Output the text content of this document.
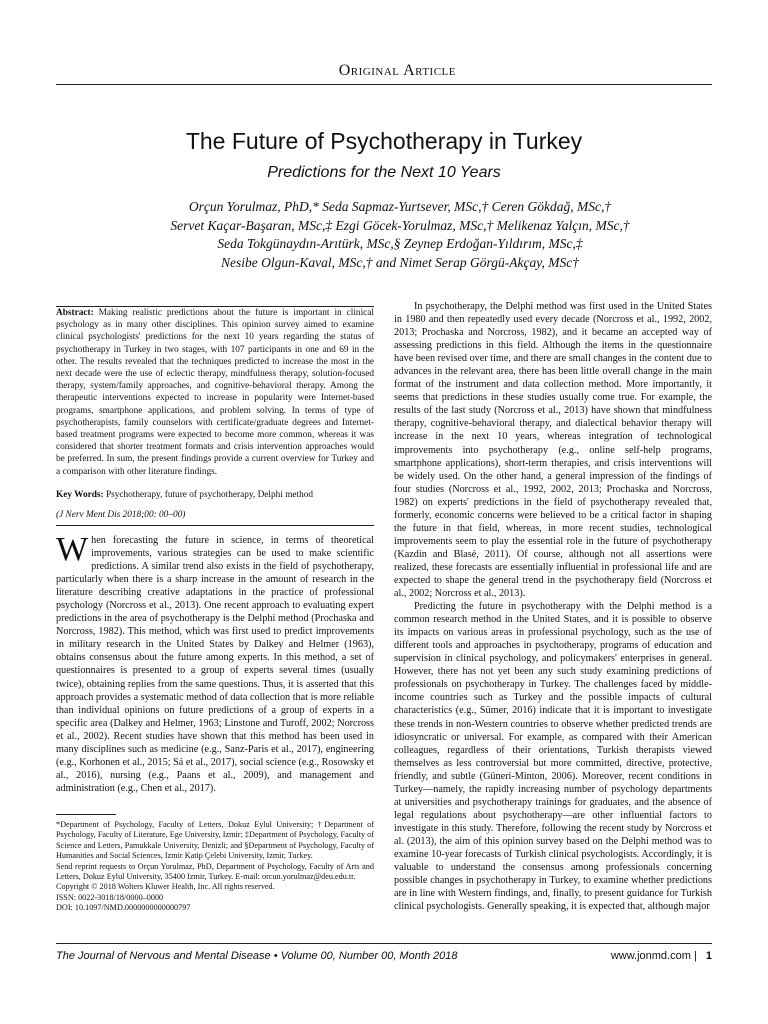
Original Article
The Future of Psychotherapy in Turkey
Predictions for the Next 10 Years
Orçun Yorulmaz, PhD,* Seda Sapmaz-Yurtsever, MSc,† Ceren Gökdağ, MSc,†
Servet Kaçar-Başaran, MSc,‡ Ezgi Göcek-Yorulmaz, MSc,† Melikenaz Yalçın, MSc,†
Seda Tokgünaydın-Arıtürk, MSc,§ Zeynep Erdoğan-Yıldırım, MSc,‡
Nesibe Olgun-Kaval, MSc,† and Nimet Serap Görgü-Akçay, MSc†
Abstract: Making realistic predictions about the future is important in clinical psychology as in many other disciplines. This opinion survey aimed to examine clinical psychologists' predictions for the next 10 years regarding the status of psychotherapy in Turkey in two stages, with 107 participants in one and 69 in the other. The results revealed that the techniques predicted to increase the most in the next decade were the use of eclectic therapy, mindfulness therapy, solution-focused therapy, system/family approaches, and cognitive-behavioral therapy. Among the therapeutic interventions expected to increase in popularity were Internet-based programs, smartphone applications, and problem solving. In terms of type of psychotherapists, family counselors with certificate/graduate degrees and Internet-based treatment programs were expected to become more common, whereas it was considered that shorter treatment formats and crisis intervention approaches would be preferred. In sum, the present findings provide a current overview for Turkey and a comparison with other literature findings.
Key Words: Psychotherapy, future of psychotherapy, Delphi method
(J Nerv Ment Dis 2018;00: 00–00)

When forecasting the future in science, in terms of theoretical improvements, various strategies can be used to make scientific predictions. A similar trend also exists in the field of psychotherapy, particularly when there is a sharp increase in the amount of research in the literature describing creative adaptations in the practice of professional psychology (Norcross et al., 2013). One recent approach to evaluating expert predictions in the area of psychotherapy is the Delphi method (Prochaska and Norcross, 1982). This method, which was first used to predict improvements in military research in the United States by Dalkey and Helmer (1963), obtains consensus about the future among experts. In this method, a set of questionnaires is presented to a group of experts several times (usually twice), obtaining replies from the same questions. Thus, it is asserted that this approach provides a systematic method of data collection that is more reliable than individual opinions on future predictions of a group of experts in a specific area (Dalkey and Helmer, 1963; Linstone and Turoff, 2002; Norcross et al., 2002). Recent studies have shown that this method has been used in many disciplines such as medicine (e.g., Sanz-Paris et al., 2017), engineering (e.g., Korhonen et al., 2015; Sá et al., 2017), social science (e.g., Rosowsky et al., 2016), nursing (e.g., Paans et al., 2009), and management and administration (e.g., Chen et al., 2017).

*Department of Psychology, Faculty of Letters, Dokuz Eylul University; †Department of Psychology, Faculty of Literature, Ege University, Izmir; ‡Department of Psychology, Faculty of Science and Letters, Pamukkale University, Denizli; and §Department of Psychology, Faculty of Humanities and Social Sciences, Izmir Katip Çelebi University, Izmir, Turkey.

Send reprint requests to Orçun Yorulmaz, PhD, Department of Psychology, Faculty of Arts and Letters, Dokuz Eylul University, 35400 Izmir, Turkey. E-mail: orcun.yorulmaz@deu.edu.tr.

Copyright © 2018 Wolters Kluwer Health, Inc. All rights reserved.

ISSN: 0022-3018/18/0000–0000

DOI: 10.1097/NMD.0000000000000797

In psychotherapy, the Delphi method was first used in the United States in 1980 and then repeatedly used every decade (Norcross et al., 1992, 2002, 2013; Prochaska and Norcross, 1982), and it became an accepted way of assessing predictions in this field. Although the items in the questionnaire have been revised over time, and there are small changes in the content due to advances in the relevant area, there has been little overall change in the main format of the instrument and data collection method. More importantly, it seems that predictions in these studies usually come true. For example, the results of the last study (Norcross et al., 2013) have shown that mindfulness therapy, cognitive-behavioral therapy, and dialectical behavior therapy will increase in the next 10 years, whereas integration of technological improvements into psychotherapy (e.g., online self-help programs, smartphone applications), short-term therapies, and crisis interventions will be widely used. On the other hand, a general impression of the findings of four studies (Norcross et al., 1992, 2002, 2013; Prochaska and Norcross, 1982) on experts' predictions in the field of psychotherapy revealed that, formerly, economic concerns were believed to be a critical factor in shaping the future in that field, whereas, in more recent studies, technological improvements seem to play the essential role in the future of psychotherapy (Kazdin and Blasé, 2011). Of course, although not all assertions were realized, these forecasts are essentially influential in professional life and are expected to shape the general trend in the psychotherapy field (Norcross et al., 2002; Norcross et al., 2013).

Predicting the future in psychotherapy with the Delphi method is a common research method in the United States, and it is possible to observe its impacts on various areas in professional psychology, such as the use of different tools and approaches in psychotherapy, programs of education and supervision in clinical psychology, and policymakers' enterprises in general. However, there has not yet been any such study examining predictions of professionals on psychotherapy in Turkey. The challenges faced by middle-income countries such as Turkey and the possible impacts of cultural characteristics (e.g., Sümer, 2016) indicate that it is important to investigate these trends in non-Western countries to observe whether predicted trends are idiosyncratic or universal. For example, as compared with their American colleagues, regardless of their orientations, Turkish therapists viewed themselves as less controversial but more committed, directive, protective, friendly, and subtle (Güneri-Minton, 2006). Moreover, recent conditions in Turkey—namely, the rapidly increasing number of psychology departments at universities and psychotherapy trainings for graduates, and the absence of legal regulations about psychotherapy—are other influential factors to investigate in this study. Therefore, following the recent study by Norcross et al. (2013), the aim of this opinion survey based on the Delphi method was to examine 10-year forecasts of Turkish clinical psychologists. Accordingly, it is valuable to understand the consensus among professionals concerning possible changes in psychotherapy in Turkey, to examine whether predictions are in line with Western findings, and, finally, to present guidance for Turkish clinical psychologists. Generally speaking, it is expected that, although major

The Journal of Nervous and Mental Disease • Volume 00, Number 00, Month 2018	www.jonmd.com | 1
